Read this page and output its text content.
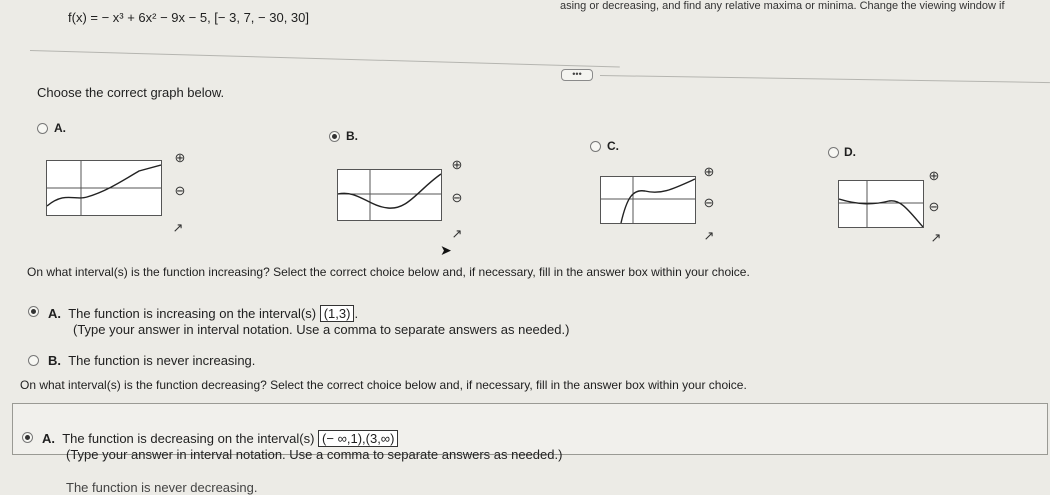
f(x) = − x³ + 6x² − 9x − 5, [− 3, 7, − 30, 30]
asing or decreasing, and find any relative maxima or minima. Change the viewing window if
•••
Choose the correct graph below.
A.
⊕
⊖
↗
B.
⊕
⊖
↗
C.
⊕
⊖
↗
D.
⊕
⊖
↗
➤
On what interval(s) is the function increasing? Select the correct choice below and, if necessary, fill in the answer box within your choice.
A. The function is increasing on the interval(s) (1,3) .
(Type your answer in interval notation. Use a comma to separate answers as needed.)
B. The function is never increasing.
On what interval(s) is the function decreasing? Select the correct choice below and, if necessary, fill in the answer box within your choice.
A. The function is decreasing on the interval(s) (− ∞,1),(3,∞)
(Type your answer in interval notation. Use a comma to separate answers as needed.)
The function is never decreasing.
